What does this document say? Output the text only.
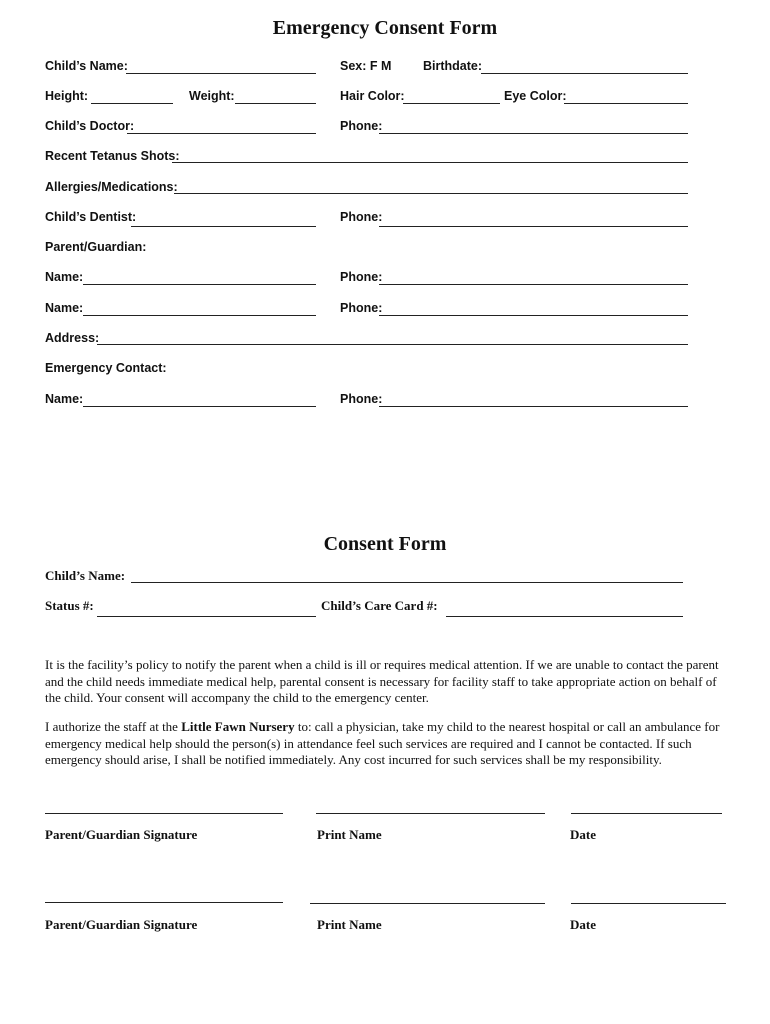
Emergency Consent Form
Child’s Name:	Sex: F M	Birthdate:
Height:	Weight:	Hair Color:	Eye Color:
Child’s Doctor:	Phone:
Recent Tetanus Shots:
Allergies/Medications:
Child’s Dentist:	Phone:
Parent/Guardian:
Name:	Phone:
Name:	Phone:
Address:
Emergency Contact:
Name:	Phone:
Consent Form
Child’s Name:
Status #:	Child’s Care Card #:
It is the facility’s policy to notify the parent when a child is ill or requires medical attention. If we are unable to contact the parent and the child needs immediate medical help, parental consent is necessary for facility staff to take appropriate action on behalf of the child. Your consent will accompany the child to the emergency center.
I authorize the staff at the Little Fawn Nursery to: call a physician, take my child to the nearest hospital or call an ambulance for emergency medical help should the person(s) in attendance feel such services are required and I cannot be contacted. If such emergency should arise, I shall be notified immediately. Any cost incurred for such services shall be my responsibility.
Parent/Guardian Signature	Print Name	Date
Parent/Guardian Signature	Print Name	Date
